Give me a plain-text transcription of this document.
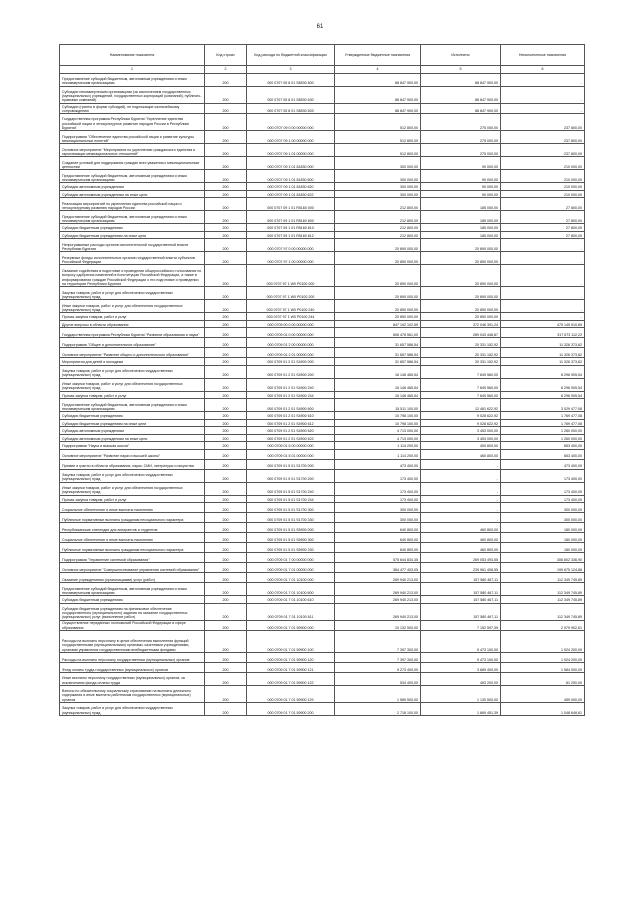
61
Наименование показателя	Код строки	Код расхода по бюджетной классификации	Утвержденные бюджетные назначения	Исполнено	Неисполненные назначения
1	2	3	4	5	6
Предоставление субсидий бюджетным, автономным учреждениям и иным некоммерческим организациям	200	000 0707 05 8 01 S8530 600	88 847 900,00	88 847 900,00	-
Субсидии некоммерческим организациям (за исключением государственных (муниципальных) учреждений, государственных корпораций (компаний), публично-правовых компаний)	200	000 0707 05 8 01 S8530 630	88 847 900,00	88 847 900,00	-
Субсидии (гранты в форме субсидий), не подлежащие казначейскому сопровождению	200	000 0707 05 8 01 S8530 633	88 847 900,00	88 847 900,00	-
Государственная программа Республики Бурятия "Укрепление единства российской нации и этнокультурное развитие народов России в Республике Бурятия"	200	000 0707 09 0 00 00000 000	512 800,00	275 000,00	237 800,00
Подпрограмма "Обеспечение единства российской нации и развитие культуры межнациональных понятий"	200	000 0707 09 1 00 00000 000	512 800,00	275 000,00	237 800,00
Основное мероприятие "Мероприятия по укреплению гражданского единства и гармонизации межнациональных отношений"	200	000 0707 09 1 01 00000 000	512 800,00	275 000,00	237 800,00
Создание условий для поддержания граждан всех уважения к межнациональным ценностям	200	000 0707 09 1 01 81830 000	300 000,00	90 000,00	210 000,00
Предоставление субсидий бюджетным, автономным учреждениям и иным некоммерческим организациям	200	000 0707 09 1 01 81830 600	300 000,00	90 000,00	210 000,00
Субсидии автономным учреждениям	200	000 0707 09 1 01 81830 620	300 000,00	90 000,00	210 000,00
Субсидии автономным учреждениям на иные цели	200	000 0707 09 1 01 81830 622	300 000,00	90 000,00	210 000,00
Реализация мероприятий по укреплению единства российской нации и этнокультурному развитию народов России	200	000 0707 09 1 01 R5160 000	212 800,00	185 000,00	27 800,00
Предоставление субсидий бюджетным, автономным учреждениям и иным некоммерческим организациям	200	000 0707 09 1 01 R5160 600	212 800,00	185 000,00	27 800,00
Субсидии бюджетным учреждениям	200	000 0707 09 1 01 R5160 610	212 800,00	185 000,00	27 800,00
Субсидии бюджетным учреждениям на иные цели	200	000 0707 09 1 01 R5160 612	212 800,00	185 000,00	27 800,00
Непрограммные расходы органов исполнительной государственной власти Республики Бурятия	200	000 0707 97 0 00 00000 000	20 890 000,00	20 890 000,00	-
Резервные фонды исполнительных органов государственной власти субъектов Российской Федерации	200	000 0707 97 1 00 00000 000	20 890 000,00	20 890 000,00	-
Оказание содействия в подготовке и проведении общероссийского голосования по вопросу одобрения изменений в Конституцию Российской Федерации, а также в информировании граждан Российской Федерации о его подготовке и проведении на территории Республики Бурятия	200	000 0707 97 1 W0 P0100 000	20 890 000,00	20 890 000,00	-
Закупка товаров, работ и услуг для обеспечения государственных (муниципальных) нужд	200	000 0707 97 1 W0 P0100 200	20 890 000,00	20 890 000,00	-
Иные закупки товаров, работ и услуг для обеспечения государственных (муниципальных) нужд	200	000 0707 97 1 W0 P0100 240	20 890 000,00	20 890 000,00	-
Прочая закупка товаров, работ и услуг	200	000 0707 97 1 W0 P0100 244	20 890 000,00	20 890 000,00	-
Другие вопросы в области образования	200	000 0709 00 0 00 00000 000	847 192 102,59	372 046 391,24	475 145 910,65
Государственная программа Республики Бурятия "Развитие образования и науки"	200	000 0709 01 0 00 00000 000	606 476 561,00	289 043 448,87	317 673 112,22
Подпрограмма "Общее и дополнительное образование"	200	000 0709 01 2 00 00000 000	31 657 586,54	20 331 152,92	11 326 373,62
Основное мероприятие "Развитие общего и дополнительного образования"	200	000 0709 01 2 01 00000 000	31 657 586,54	20 331 152,92	11 326 373,62
Мероприятия для детей и молодежи	200	000 0709 01 2 01 S4900 000	31 657 586,54	20 331 152,92	11 326 373,62
Закупка товаров, работ и услуг для обеспечения государственных (муниципальных) нужд	200	000 0709 01 2 01 S4900 200	16 146 465,54	7 849 560,00	8 296 905,54
Иные закупки товаров, работ и услуг для обеспечения государственных (муниципальных) нужд	200	000 0709 01 2 01 S4900 240	16 146 465,54	7 849 560,00	8 296 905,54
Прочая закупка товаров, работ и услуг	200	000 0709 01 2 01 S4900 244	16 146 465,54	7 849 560,00	8 296 905,54
Предоставление субсидий бюджетным, автономным учреждениям и иным некоммерческим организациям	200	000 0709 01 2 01 S4900 600	15 511 100,00	12 481 622,92	3 029 477,08
Субсидии бюджетным учреждениям	200	000 0709 01 2 01 S4900 610	10 798 100,00	9 028 622,92	1 769 477,08
Субсидии бюджетным учреждениям на иные цели	200	000 0709 01 2 01 S4900 612	10 798 100,00	9 028 622,92	1 769 477,08
Субсидии автономным учреждениям	200	000 0709 01 2 01 S4900 620	4 713 000,00	3 453 000,00	1 260 000,00
Субсидии автономным учреждениям на иные цели	200	000 0709 01 2 01 S4900 622	4 713 000,00	3 453 000,00	1 260 000,00
Подпрограмма "Наука и высшая школа"	200	000 0709 01 5 00 00000 000	1 114 200,00	400 800,00	653 400,00
Основное мероприятие "Развитие науки и высшей школы"	200	000 0709 01 5 01 00000 000	1 114 200,00	460 800,00	653 400,00
Премии и гранты в области образования, науки, СМИ, литературы и искусства	200	000 0709 01 5 01 S1700 000	473 400,00	-	473 400,00
Закупка товаров, работ и услуг для обеспечения государственных (муниципальных) нужд	200	000 0709 01 5 01 S1700 200	173 400,00	-	173 400,00
Иные закупки товаров, работ и услуг для обеспечения государственных (муниципальных) нужд	200	000 0709 01 5 01 S1700 240	173 400,00	-	173 400,00
Прочая закупка товаров, работ и услуг	200	000 0709 01 5 01 S1700 244	173 400,00	-	173 400,00
Социальное обеспечение и иные выплаты населению	200	000 0709 01 5 01 S1700 300	300 000,00	-	300 000,00
Публичные нормативные выплаты гражданам несоциального характера	200	000 0709 01 5 01 S1700 330	300 000,00	-	300 000,00
Республиканские стипендии для аспирантов и студентов	200	000 0709 01 5 01 S5900 000	640 800,00	460 800,00	180 000,00
Социальное обеспечение и иные выплаты населению	200	000 0709 01 5 01 S5900 300	640 800,00	460 800,00	180 000,00
Публичные нормативные выплаты гражданам несоциального характера	200	000 0709 01 5 01 S5900 330	640 800,00	460 800,00	180 000,00
Подпрограмма "Управление системой образования"	200	000 0709 01 7 00 00000 000	575 644 834,35	269 053 493,55	306 602 336,90
Основное мероприятие "Совершенствование управления системой образования"	200	000 0709 01 7 01 00000 000	384 477 403,05	239 961 408,55	199 675 124,88
Оказание учреждениями (организациями) услуг (работ)	200	000 0709 01 7 01 10100 000	269 940 213,00	157 580 467,11	112 349 745,89
Предоставление субсидий бюджетным, автономным учреждениям и иным некоммерческим организациям	200	000 0709 01 7 01 10100 600	269 940 213,00	157 580 467,11	112 349 745,89
Субсидии бюджетным учреждениям	200	000 0709 01 7 01 10100 610	269 940 213,00	157 580 467,11	112 349 745,89
Субсидии бюджетным учреждениям на финансовое обеспечение государственного (муниципального) задания на оказание государственных (муниципальных) услуг (выполнение работ)	200	000 0709 01 7 01 10100 611	269 940 213,00	157 580 467,11	112 349 745,89
Осуществление переданных полномочий Российской Федерации в сфере образования	200	000 0709 01 7 01 59900 000	10 132 500,00	7 152 597,39	2 979 902,61
Расходы на выплаты персоналу в целях обеспечения выполнения функций государственными (муниципальными) органами, казенными учреждениями, органами управления государственными внебюджетными фондами	200	000 0709 01 7 01 59900 100	7 397 300,00	5 473 100,00	1 924 200,00
Расходы на выплаты персоналу государственных (муниципальных) органов	200	000 0709 01 7 01 59900 120	7 397 300,00	5 473 100,00	1 924 200,00
Фонд оплаты труда государственных (муниципальных) органов	200	000 0709 01 7 01 59900 121	5 273 400,00	3 689 400,00	1 584 000,00
Иные выплаты персоналу государственных (муниципальных) органов, за исключением фонда оплаты труда	200	000 0709 01 7 01 59900 122	534 400,00	453 200,00	81 200,00
Взносы по обязательному социальному страхованию на выплаты денежного содержания и иные выплаты работникам государственных (муниципальных) органов	200	000 0709 01 7 01 59900 129	1 589 500,00	1 130 500,00	459 000,00
Закупка товаров, работ и услуг для обеспечения государственных (муниципальных) нужд	200	000 0709 01 7 01 59900 200	2 718 100,00	1 669 451,39	1 048 648,61
